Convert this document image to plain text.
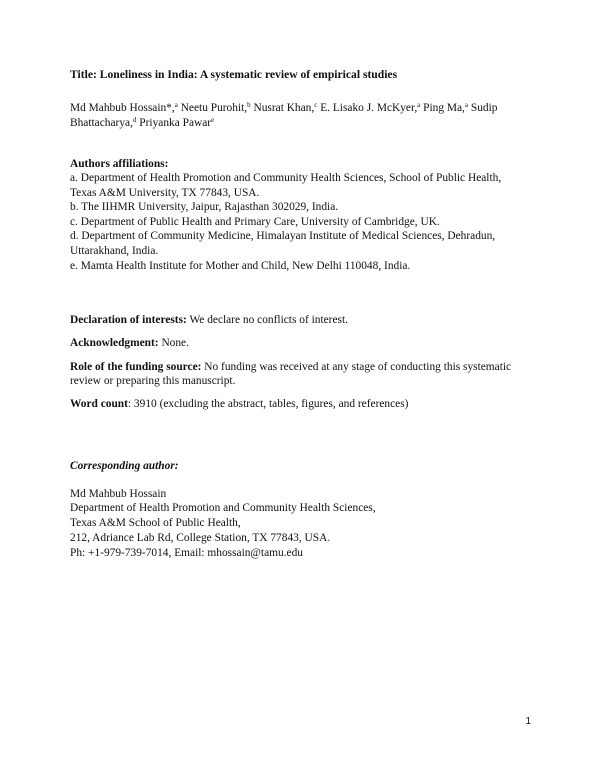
Title: Loneliness in India: A systematic review of empirical studies

Md Mahbub Hossain*,$^a$ Neetu Purohit,$^b$ Nusrat Khan,$^c$ E. Lisako J. McKyer,$^a$ Ping Ma,$^a$ Sudip Bhattacharya,$^d$ Priyanka Pawar$^e$

Authors affiliations:

a. Department of Health Promotion and Community Health Sciences, School of Public Health,

Texas A&M University, TX 77843, USA.

b. The IIHMR University, Jaipur, Rajasthan 302029, India.

c. Department of Public Health and Primary Care, University of Cambridge, UK.

d. Department of Community Medicine, Himalayan Institute of Medical Sciences, Dehradun,

Uttarakhand, India.

e. Mamta Health Institute for Mother and Child, New Delhi 110048, India.

Declaration of interests: We declare no conflicts of interest.

Acknowledgment: None.

Role of the funding source: No funding was received at any stage of conducting this systematic review or preparing this manuscript.

Word count: 3910 (excluding the abstract, tables, figures, and references)

Corresponding author:

Md Mahbub Hossain

Department of Health Promotion and Community Health Sciences,

Texas A&M School of Public Health,

212, Adriance Lab Rd, College Station, TX 77843, USA.

Ph: +1-979-739-7014, Email: mhossain@tamu.edu

1
